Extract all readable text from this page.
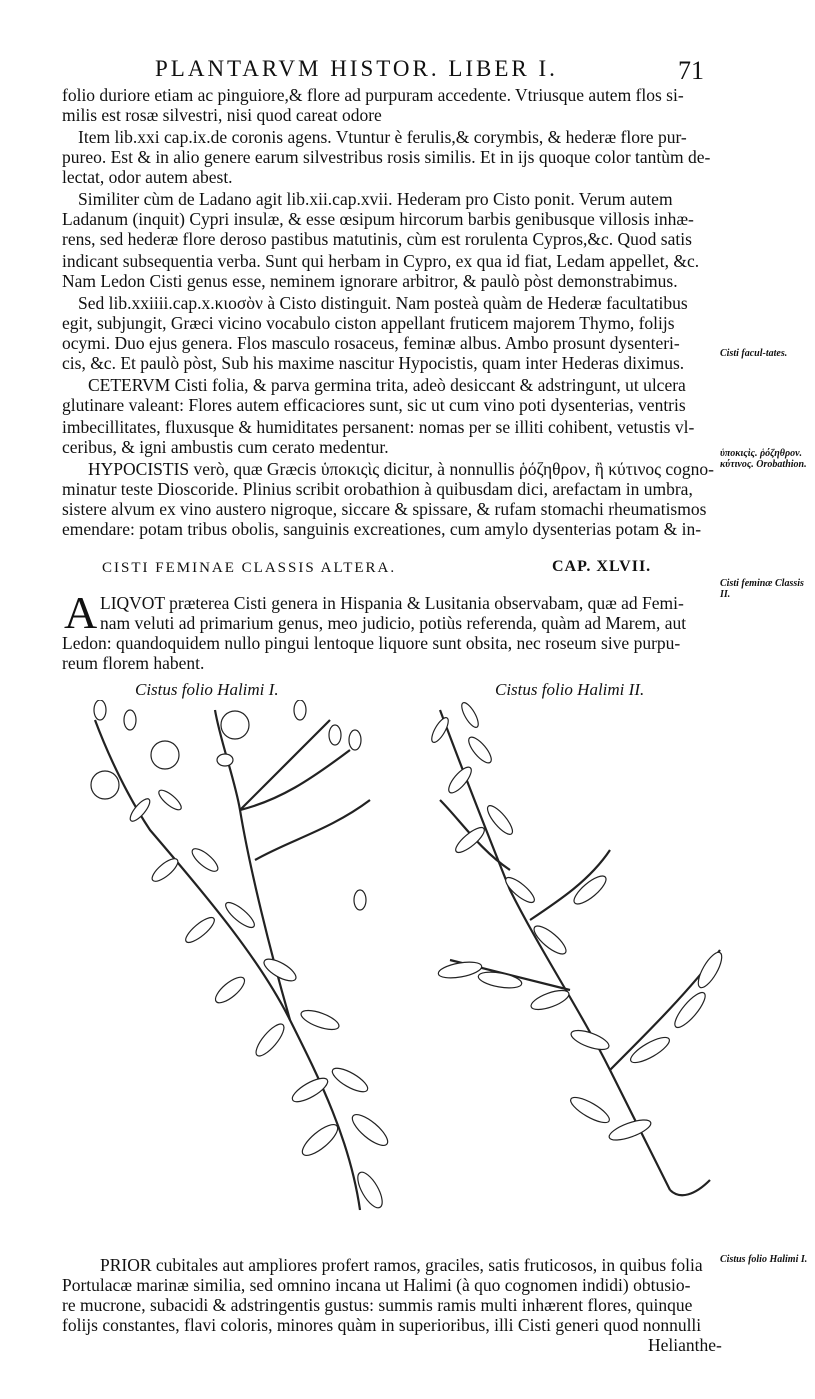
PLANTARVM HISTOR. LIBER I.	71
folio duriore etiam ac pinguiore,& flore ad purpuram accedente. Vtriusque autem flos si-
milis est rosæ silvestri, nisi quod careat odore
Item lib.xxi cap.ix.de coronis agens. Vtuntur è ferulis,& corymbis, & hederæ flore pur-
pureo. Est & in alio genere earum silvestribus rosis similis. Et in ijs quoque color tantùm de-
lectat, odor autem abest.
Similiter cùm de Ladano agit lib.xii.cap.xvii. Hederam pro Cisto ponit. Verum autem
Ladanum (inquit) Cypri insulæ, & esse œsipum hircorum barbis genibusque villosis inhæ-
rens, sed hederæ flore deroso pastibus matutinis, cùm est rorulenta Cypros,&c. Quod satis
indicant subsequentia verba. Sunt qui herbam in Cypro, ex qua id fiat, Ledam appellet, &c.
Nam Ledon Cisti genus esse, neminem ignorare arbitror, & paulò pòst demonstrabimus.
Sed lib.xxiiii.cap.x.κιοσὸν à Cisto distinguit. Nam posteà quàm de Hederæ facultatibus
egit, subjungit, Græci vicino vocabulo ciston appellant fruticem majorem Thymo, folijs
ocymi. Duo ejus genera. Flos masculo rosaceus, feminæ albus. Ambo prosunt dysenteri-
cis, &c. Et paulò pòst, Sub his maxime nascitur Hypocistis, quam inter Hederas diximus.
CETERVM Cisti folia, & parva germina trita, adeò desiccant & adstringunt, ut ulcera
glutinare valeant: Flores autem efficaciores sunt, sic ut cum vino poti dysenterias, ventris
imbecillitates, fluxusque & humiditates persanent: nomas per se illiti cohibent, vetustis vl-
ceribus, & igni ambustis cum cerato medentur.
Cisti facul-tates.
HYPOCISTIS verò, quæ Græcis ὑποκιςὶς dicitur, à nonnullis ῥόζηθρον, ἢ κύτινος cogno-
minatur teste Dioscoride. Plinius scribit orobathion à quibusdam dici, arefactam in umbra,
sistere alvum ex vino austero nigroque, siccare & spissare, & rufam stomachi rheumatismos
emendare: potam tribus obolis, sanguinis excreationes, cum amylo dysenterias potam & in-
ὑποκιςὶς. ῥόζηθρον. κύτινος. Orobathion.
CISTI FEMINAE CLASSIS ALTERA.	CAP. XLVII.
A LIQVOT præterea Cisti genera in Hispania & Lusitania observabam, quæ ad Femi-
nam veluti ad primarium genus, meo judicio, potiùs referenda, quàm ad Marem, aut
Ledon: quandoquidem nullo pingui lentoque liquore sunt obsita, nec roseum sive purpu-
reum florem habent.
Cisti feminæ Classis II.
Cistus folio Halimi I.	Cistus folio Halimi II.
PRIOR cubitales aut ampliores profert ramos, graciles, satis fruticosos, in quibus folia
Portulacæ marinæ similia, sed omnino incana ut Halimi (à quo cognomen indidi) obtusio-
re mucrone, subacidi & adstringentis gustus: summis ramis multi inhærent flores, quinque
folijs constantes, flavi coloris, minores quàm in superioribus, illi Cisti generi quod nonnulli
Helianthe-
Cistus folio Halimi I.
